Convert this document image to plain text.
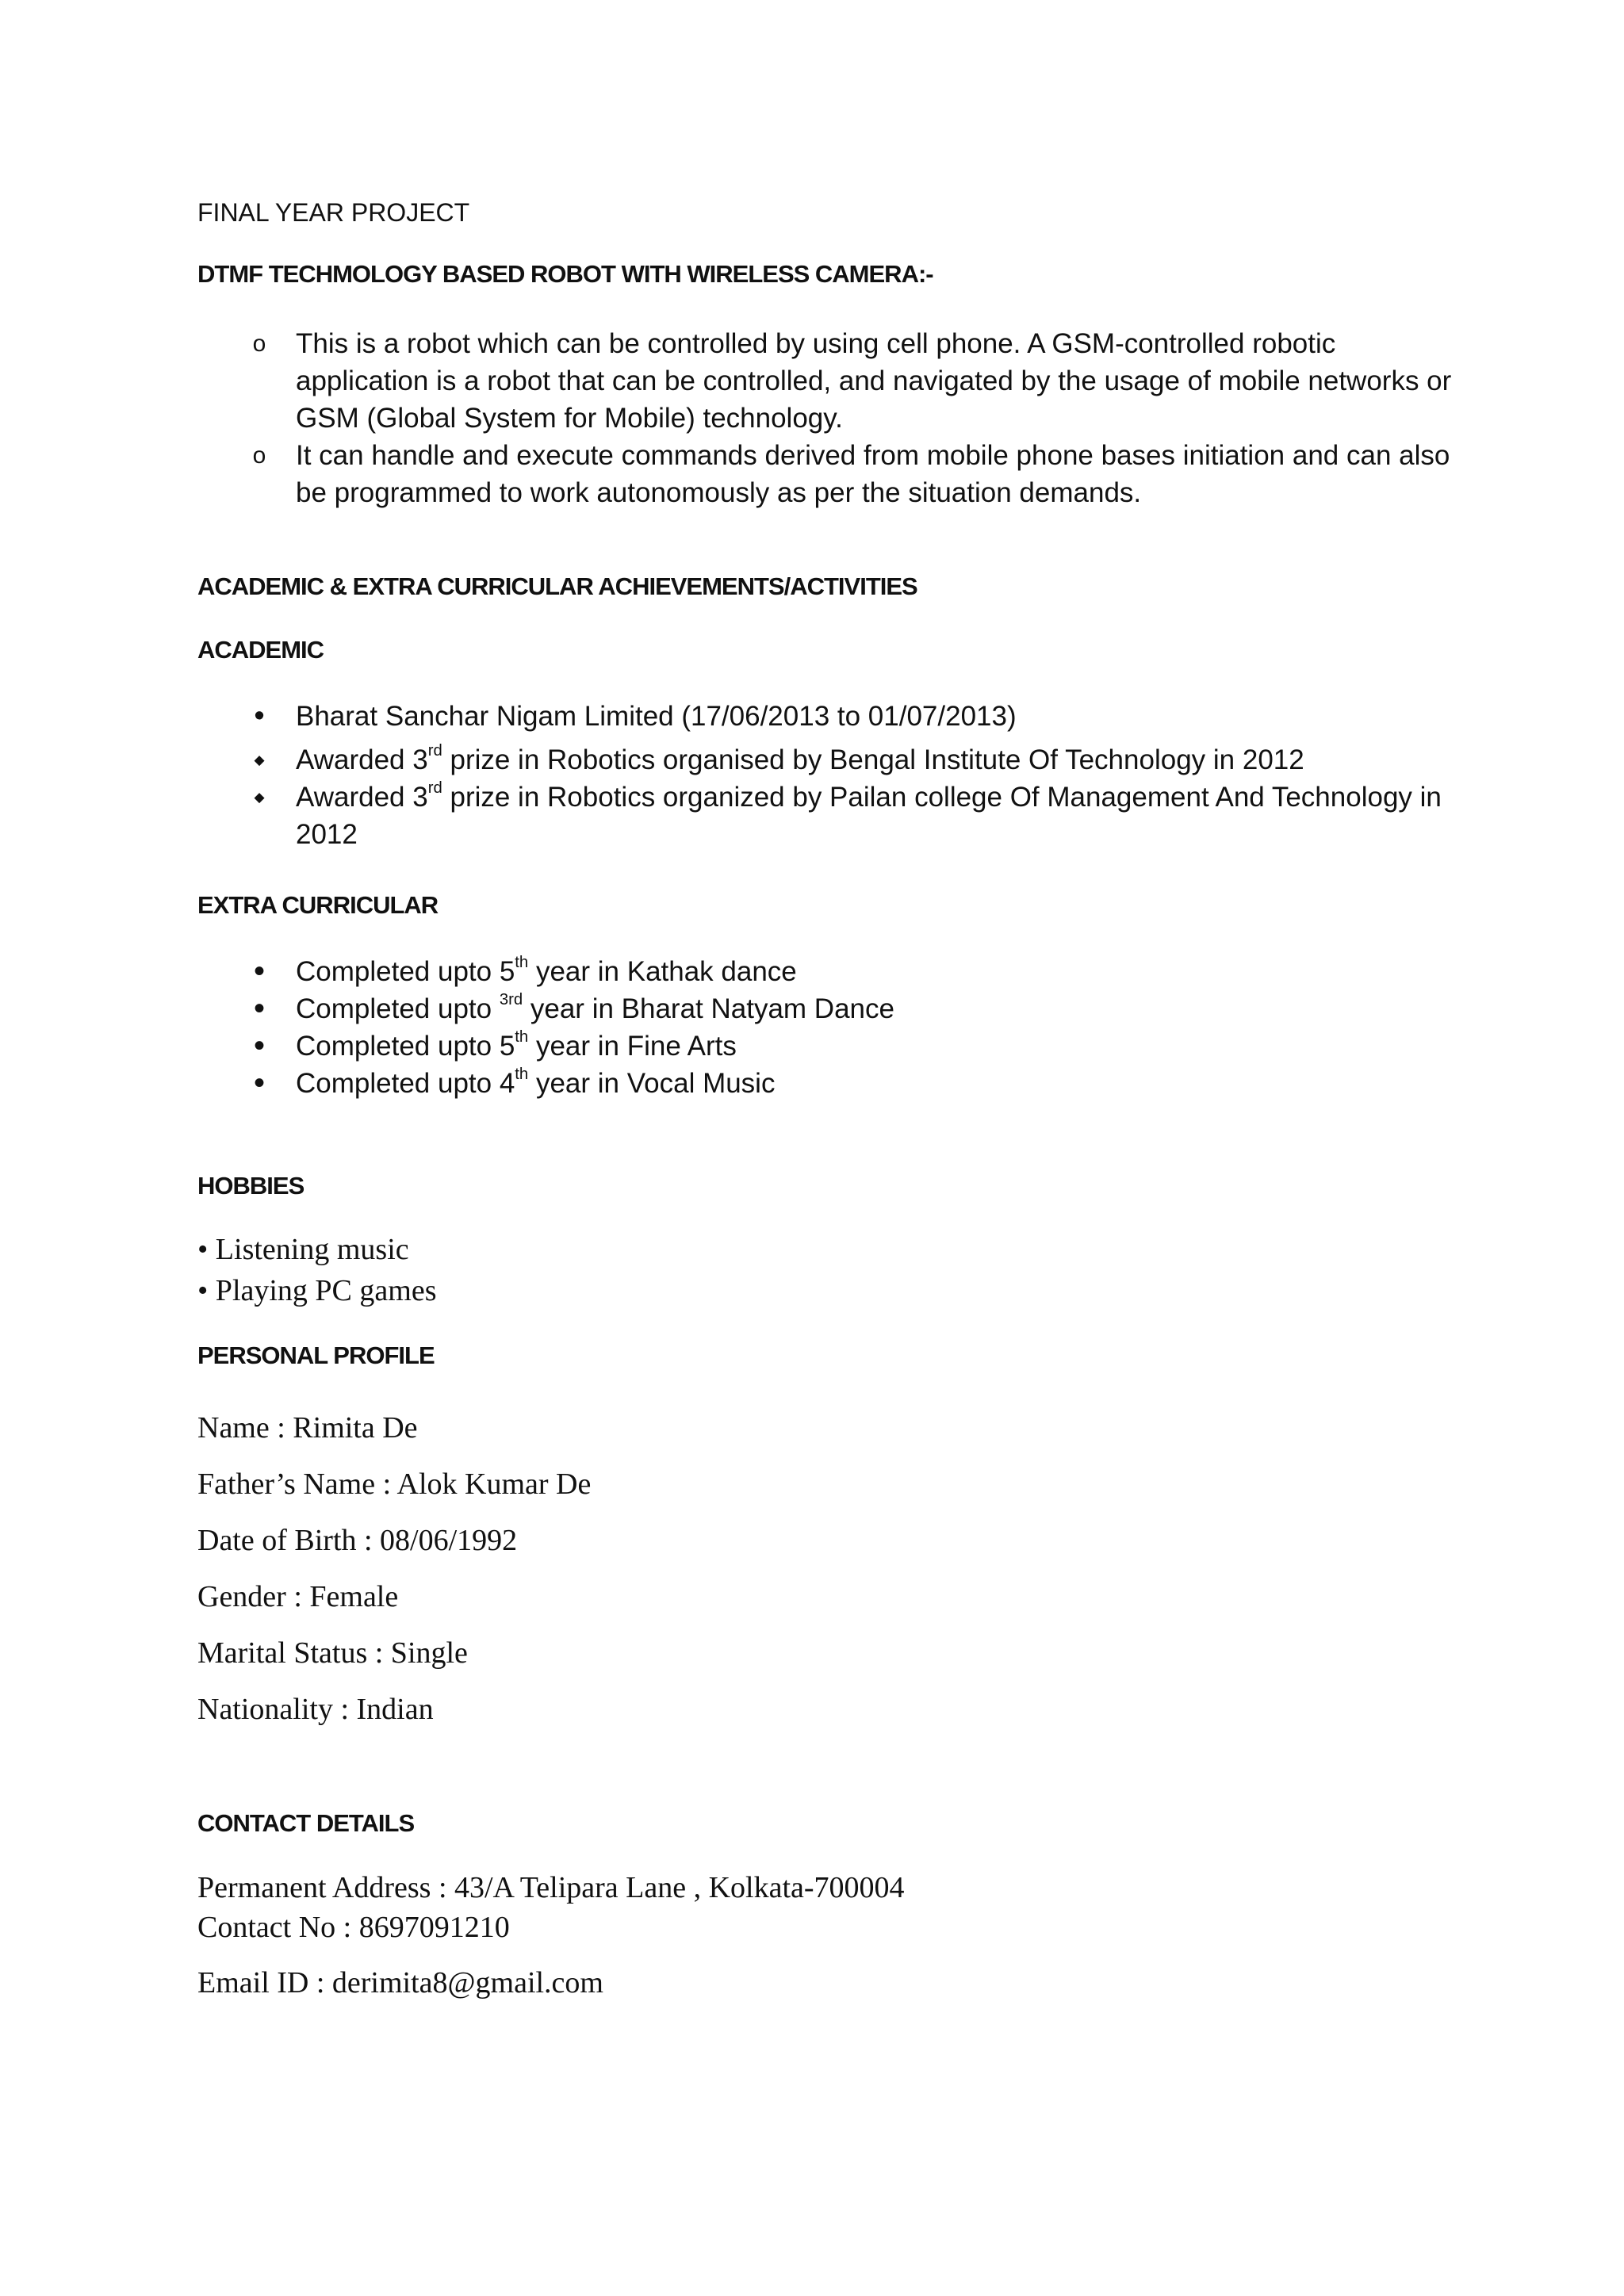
FINAL YEAR PROJECT
DTMF TECHMOLOGY BASED ROBOT WITH WIRELESS CAMERA:-
o	This is a robot which can be controlled by using cell phone. A GSM-controlled robotic application is a robot that can be controlled, and navigated by the usage of mobile networks or GSM (Global System for Mobile) technology.
o	It can handle and execute commands derived from mobile phone bases initiation and can also be programmed to work autonomously as per the situation demands.
ACADEMIC & EXTRA CURRICULAR ACHIEVEMENTS/ACTIVITIES
ACADEMIC
•	Bharat Sanchar Nigam Limited (17/06/2013 to 01/07/2013)
◆	Awarded 3rd prize in Robotics organised by Bengal Institute Of Technology in 2012
◆	Awarded 3rd prize in Robotics organized by Pailan college Of Management And Technology in 2012
EXTRA CURRICULAR
•	Completed upto 5th year in Kathak dance
•	Completed upto $^{3rd}$ year in Bharat Natyam Dance
•	Completed upto 5th year in Fine Arts
•	Completed upto 4th year in Vocal Music
HOBBIES
• Listening music
• Playing PC games
PERSONAL PROFILE
Name : Rimita De
Father’s Name : Alok Kumar De
Date of Birth : 08/06/1992
Gender : Female
Marital Status : Single
Nationality : Indian
CONTACT DETAILS
Permanent Address : 43/A Telipara Lane , Kolkata-700004
Contact No : 8697091210
Email ID : derimita8@gmail.com
